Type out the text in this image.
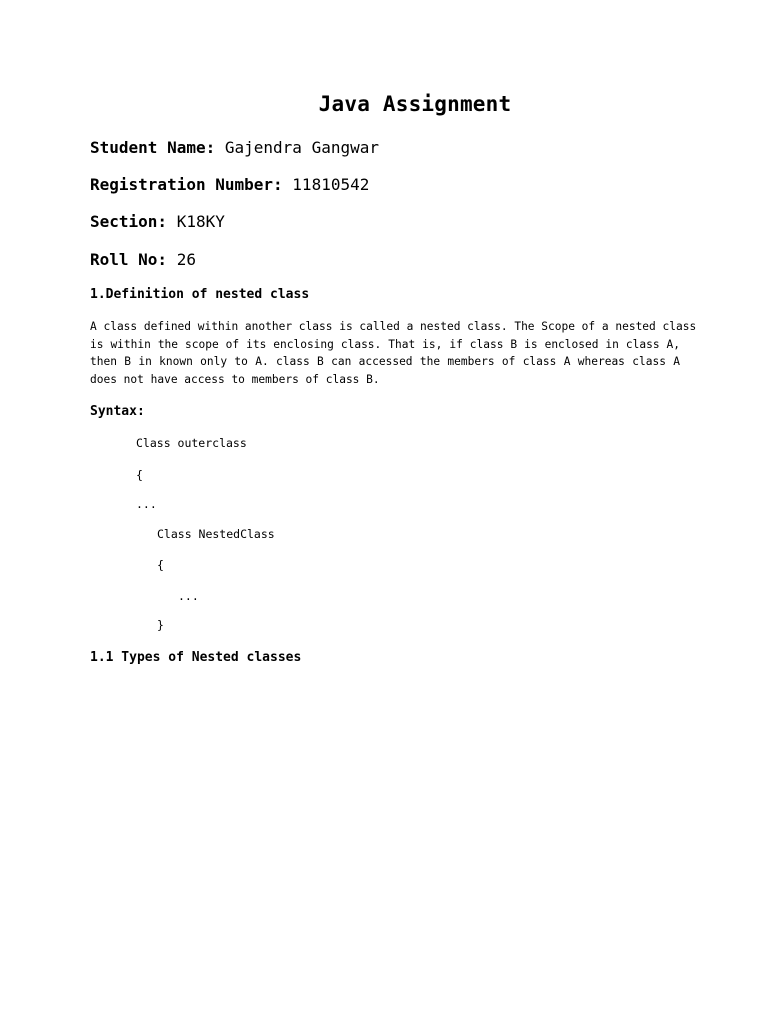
Java Assignment
Student Name: Gajendra Gangwar
Registration Number: 11810542
Section: K18KY
Roll No: 26
1.Definition of nested class
A class defined within another class is called a nested class. The Scope of a nested class
is within the scope of its enclosing class. That is, if class B is enclosed in class A,
then B in known only to A. class B can accessed the members of class A whereas class A
does not have access to members of class B.
Syntax:
Class outerclass
{
...
Class NestedClass
{
...
}
1.1 Types of Nested classes
